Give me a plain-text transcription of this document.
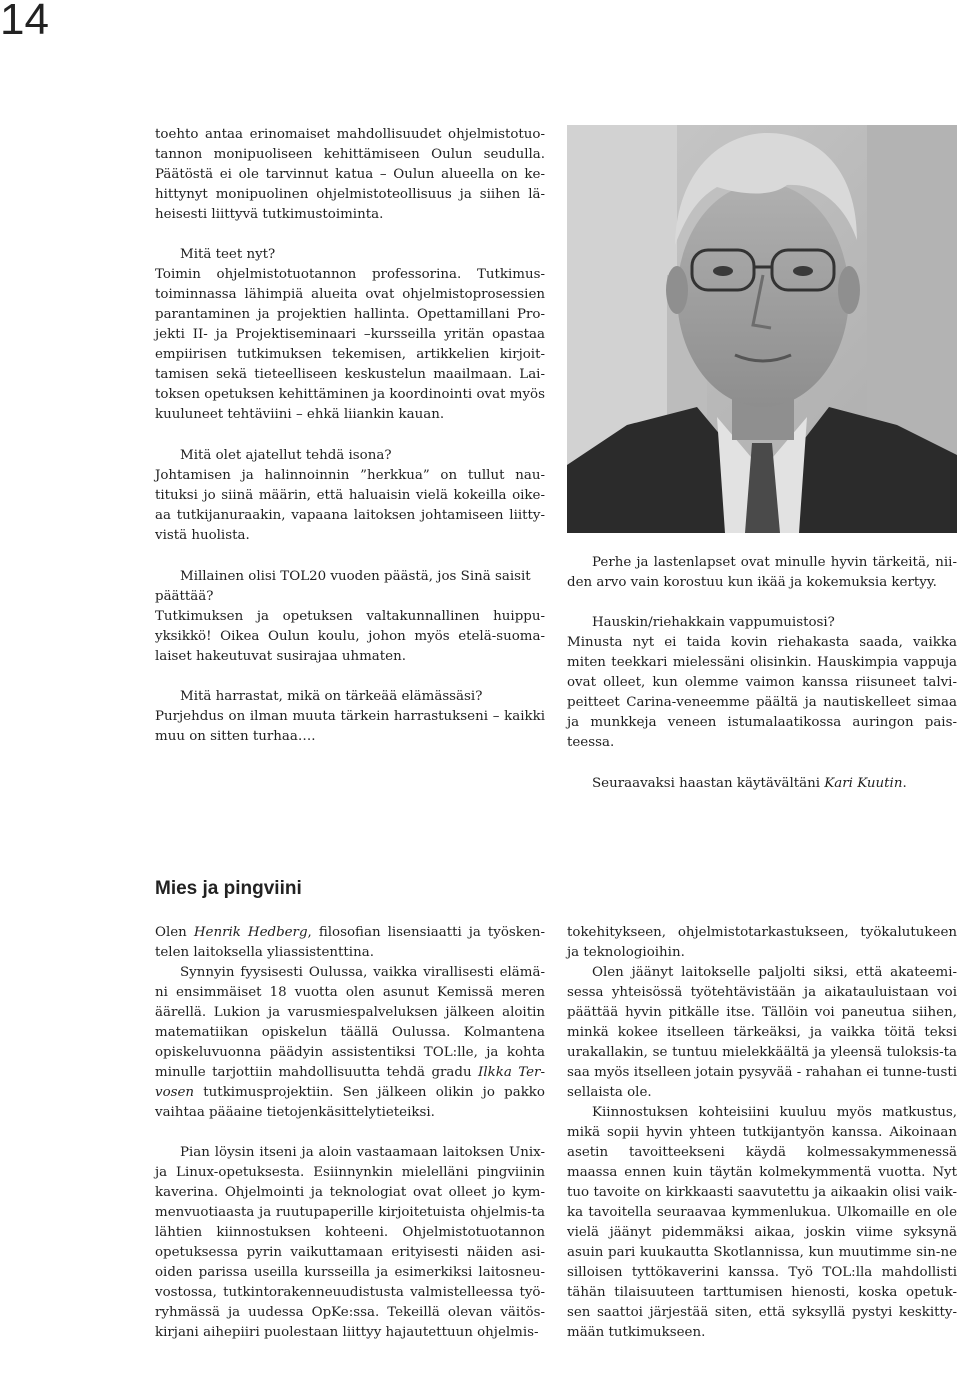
14

toehto antaa erinomaiset mahdollisuudet ohjelmistotuo-tannon monipuoliseen kehittämiseen Oulun seudulla. Päätöstä ei ole tarvinnut katua – Oulun alueella on ke-hittynyt monipuolinen ohjelmistoteollisuus ja siihen lä-heisesti liittyvä tutkimustoiminta.

Mitä teet nyt?

Toimin ohjelmistotuotannon professorina. Tutkimus-toiminnassa lähimpiä alueita ovat ohjelmistoprosessien parantaminen ja projektien hallinta. Opettamillani Pro-jekti II- ja Projektiseminaari –kursseilla yritän opastaa empiirisen tutkimuksen tekemisen, artikkelien kirjoit-tamisen sekä tieteelliseen keskustelun maailmaan. Lai-toksen opetuksen kehittäminen ja koordinointi ovat myös kuuluneet tehtäviini – ehkä liiankin kauan.

Mitä olet ajatellut tehdä isona?

Johtamisen ja halinnoinnin ”herkkua” on tullut nau-tituksi jo siinä määrin, että haluaisin vielä kokeilla oike-aa tutkijanuraakin, vapaana laitoksen johtamiseen liitty-vistä huolista.

Millainen olisi TOL20 vuoden päästä, jos Sinä saisit päättää?

Tutkimuksen ja opetuksen valtakunnallinen huippu-yksikkö! Oikea Oulun koulu, johon myös etelä-suoma-laiset hakeutuvat susirajaa uhmaten.

Mitä harrastat, mikä on tärkeää elämässäsi?

Purjehdus on ilman muuta tärkein harrastukseni – kaikki muu on sitten turhaa….

Perhe ja lastenlapset ovat minulle hyvin tärkeitä, nii-den arvo vain korostuu kun ikää ja kokemuksia kertyy.

Hauskin/riehakkain vappumuistosi?

Minusta nyt ei taida kovin riehakasta saada, vaikka miten teekkari mielessäni olisinkin. Hauskimpia vappuja ovat olleet, kun olemme vaimon kanssa riisuneet talvi-peitteet Carina-veneemme päältä ja nautiskelleet simaa ja munkkeja veneen istumalaatikossa auringon pais-teessa.

Seuraavaksi haastan käytävältäni Kari Kuutin.

Mies ja pingviini

Olen Henrik Hedberg, filosofian lisensiaatti ja työsken-telen laitoksella yliassistenttina.

Synnyin fyysisesti Oulussa, vaikka virallisesti elämä-ni ensimmäiset 18 vuotta olen asunut Kemissä meren äärellä. Lukion ja varusmiespalveluksen jälkeen aloitin matematiikan opiskelun täällä Oulussa. Kolmantena opiskeluvuonna päädyin assistentiksi TOL:lle, ja kohta minulle tarjottiin mahdollisuutta tehdä gradu Ilkka Ter-vosen tutkimusprojektiin. Sen jälkeen olikin jo pakko vaihtaa pääaine tietojenkäsittelytieteiksi.

Pian löysin itseni ja aloin vastaamaan laitoksen Unix-ja Linux-opetuksesta. Esiinnynkin mielelläni pingviinin kaverina. Ohjelmointi ja teknologiat ovat olleet jo kym-menvuotiaasta ja ruutupaperille kirjoitetuista ohjelmis-ta lähtien kiinnostuksen kohteeni. Ohjelmistotuotannon opetuksessa pyrin vaikuttamaan erityisesti näiden asi-oiden parissa useilla kursseilla ja esimerkiksi laitosneu-vostossa, tutkintorakenneuudistusta valmistelleessa työ-ryhmässä ja uudessa OpKe:ssa. Tekeillä olevan väitös-kirjani aihepiiri puolestaan liittyy hajautettuun ohjelmis-

tokehitykseen, ohjelmistotarkastukseen, työkalutukeen ja teknologioihin.

Olen jäänyt laitokselle paljolti siksi, että akateemi-sessa yhteisössä työtehtävistään ja aikatauluistaan voi päättää hyvin pitkälle itse. Tällöin voi paneutua siihen, minkä kokee itselleen tärkeäksi, ja vaikka töitä teksi urakallakin, se tuntuu mielekkäältä ja yleensä tuloksis-ta saa myös itselleen jotain pysyvää - rahahan ei tunne-tusti sellaista ole.

Kiinnostuksen kohteisiini kuuluu myös matkustus, mikä sopii hyvin yhteen tutkijantyön kanssa. Aikoinaan asetin tavoitteekseni käydä kolmessakymmenessä maassa ennen kuin täytän kolmekymmentä vuotta. Nyt tuo tavoite on kirkkaasti saavutettu ja aikaakin olisi vaik-ka tavoitella seuraavaa kymmenlukua. Ulkomaille en ole vielä jäänyt pidemmäksi aikaa, joskin viime syksynä asuin pari kuukautta Skotlannissa, kun muutimme sin-ne silloisen tyttökaverini kanssa. Työ TOL:lla mahdollisti tähän tilaisuuteen tarttumisen hienosti, koska opetuk-sen saattoi järjestää siten, että syksyllä pystyi keskitty-mään tutkimukseen.
